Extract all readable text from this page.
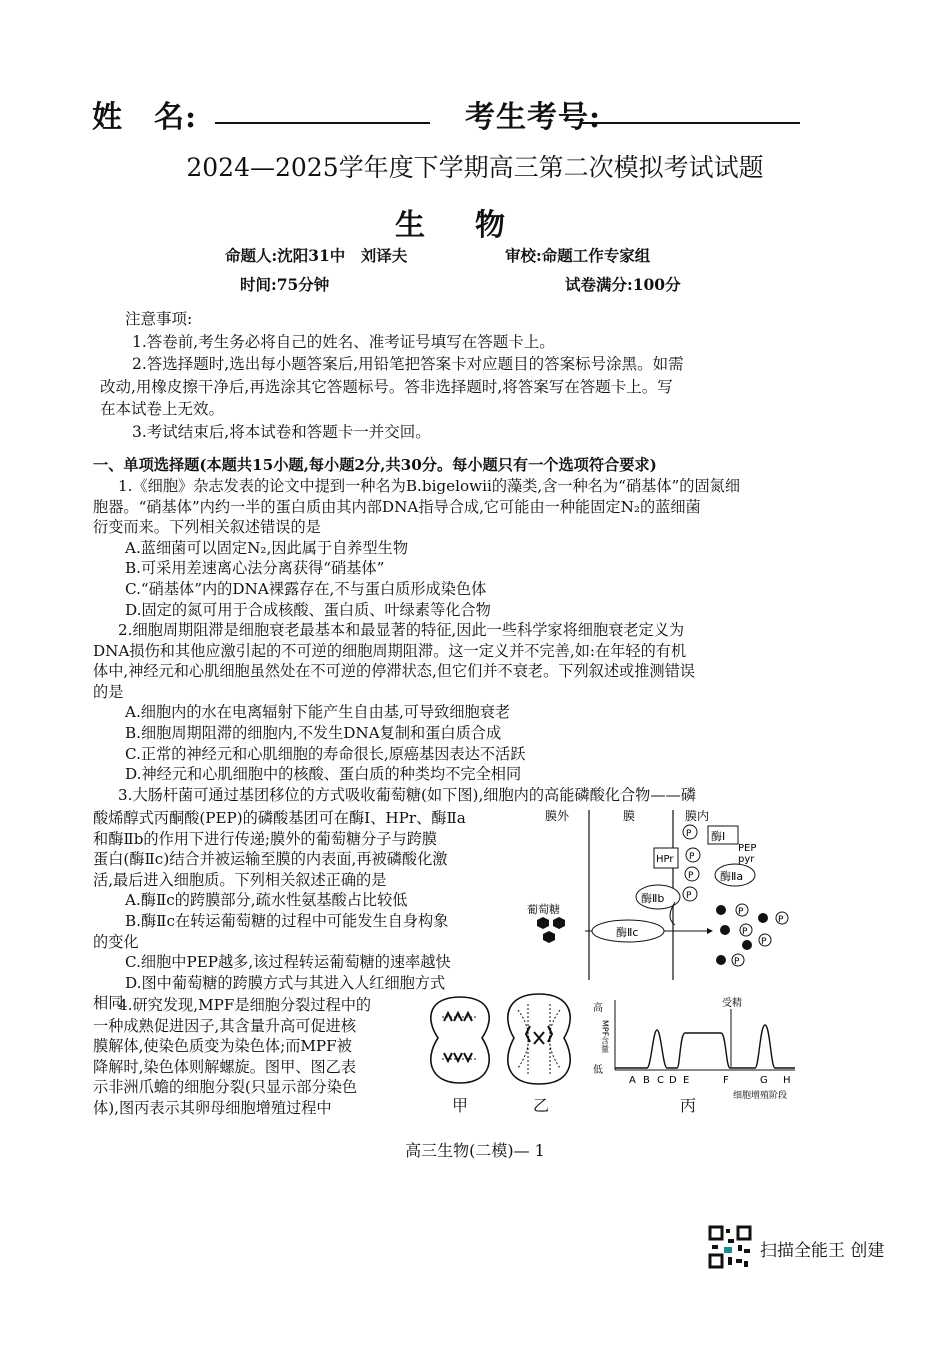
姓　名:	考生考号:
2024—2025学年度下学期高三第二次模拟考试试题
生物
命题人:沈阳31中　刘译夫	审校:命题工作专家组
时间:75分钟	试卷满分:100分

注意事项:

1.答卷前,考生务必将自己的姓名、准考证号填写在答题卡上。

2.答选择题时,选出每小题答案后,用铅笔把答案卡对应题目的答案标号涂黑。如需

改动,用橡皮擦干净后,再选涂其它答题标号。答非选择题时,将答案写在答题卡上。写

在本试卷上无效。

3.考试结束后,将本试卷和答题卡一并交回。

一、单项选择题(本题共15小题,每小题2分,共30分。每小题只有一个选项符合要求)

1.《细胞》杂志发表的论文中提到一种名为B.bigelowii的藻类,含一种名为“硝基体”的固氮细

胞器。“硝基体”内约一半的蛋白质由其内部DNA指导合成,它可能由一种能固定N₂的蓝细菌

衍变而来。下列相关叙述错误的是

A.蓝细菌可以固定N₂,因此属于自养型生物

B.可采用差速离心法分离获得“硝基体”

C.“硝基体”内的DNA裸露存在,不与蛋白质形成染色体

D.固定的氮可用于合成核酸、蛋白质、叶绿素等化合物

2.细胞周期阻滞是细胞衰老最基本和最显著的特征,因此一些科学家将细胞衰老定义为

DNA损伤和其他应激引起的不可逆的细胞周期阻滞。这一定义并不完善,如:在年轻的有机

体中,神经元和心肌细胞虽然处在不可逆的停滞状态,但它们并不衰老。下列叙述或推测错误

的是

A.细胞内的水在电离辐射下能产生自由基,可导致细胞衰老

B.细胞周期阻滞的细胞内,不发生DNA复制和蛋白质合成

C.正常的神经元和心肌细胞的寿命很长,原癌基因表达不活跃

D.神经元和心肌细胞中的核酸、蛋白质的种类均不完全相同

3.大肠杆菌可通过基团移位的方式吸收葡萄糖(如下图),细胞内的高能磷酸化合物——磷

酸烯醇式丙酮酸(PEP)的磷酸基团可在酶Ⅰ、HPr、酶Ⅱa

和酶Ⅱb的作用下进行传递;膜外的葡萄糖分子与跨膜

蛋白(酶Ⅱc)结合并被运输至膜的内表面,再被磷酸化激

活,最后进入细胞质。下列相关叙述正确的是

A.酶Ⅱc的跨膜部分,疏水性氨基酸占比较低

B.酶Ⅱc在转运葡萄糖的过程中可能发生自身构象

的变化

C.细胞中PEP越多,该过程转运葡萄糖的速率越快

D.图中葡萄糖的跨膜方式与其进入人红细胞方式

相同

膜外	膜	膜内
酶Ⅰ
P
HPr P
PEP
pyr
酶Ⅱa
P
酶Ⅱb P
葡萄糖
酶Ⅱc
P
P
P
P
P

4.研究发现,MPF是细胞分裂过程中的

一种成熟促进因子,其含量升高可促进核

膜解体,使染色质变为染色体;而MPF被

降解时,染色体则解螺旋。图甲、图乙表

示非洲爪蟾的细胞分裂(只显示部分染色

体),图丙表示其卵母细胞增殖过程中	甲	乙
高
低
MPF含量
受精
A B C D E	F	G H
细胞增殖阶段
丙
高三生物(二模)— 1
扫描全能王 创建
